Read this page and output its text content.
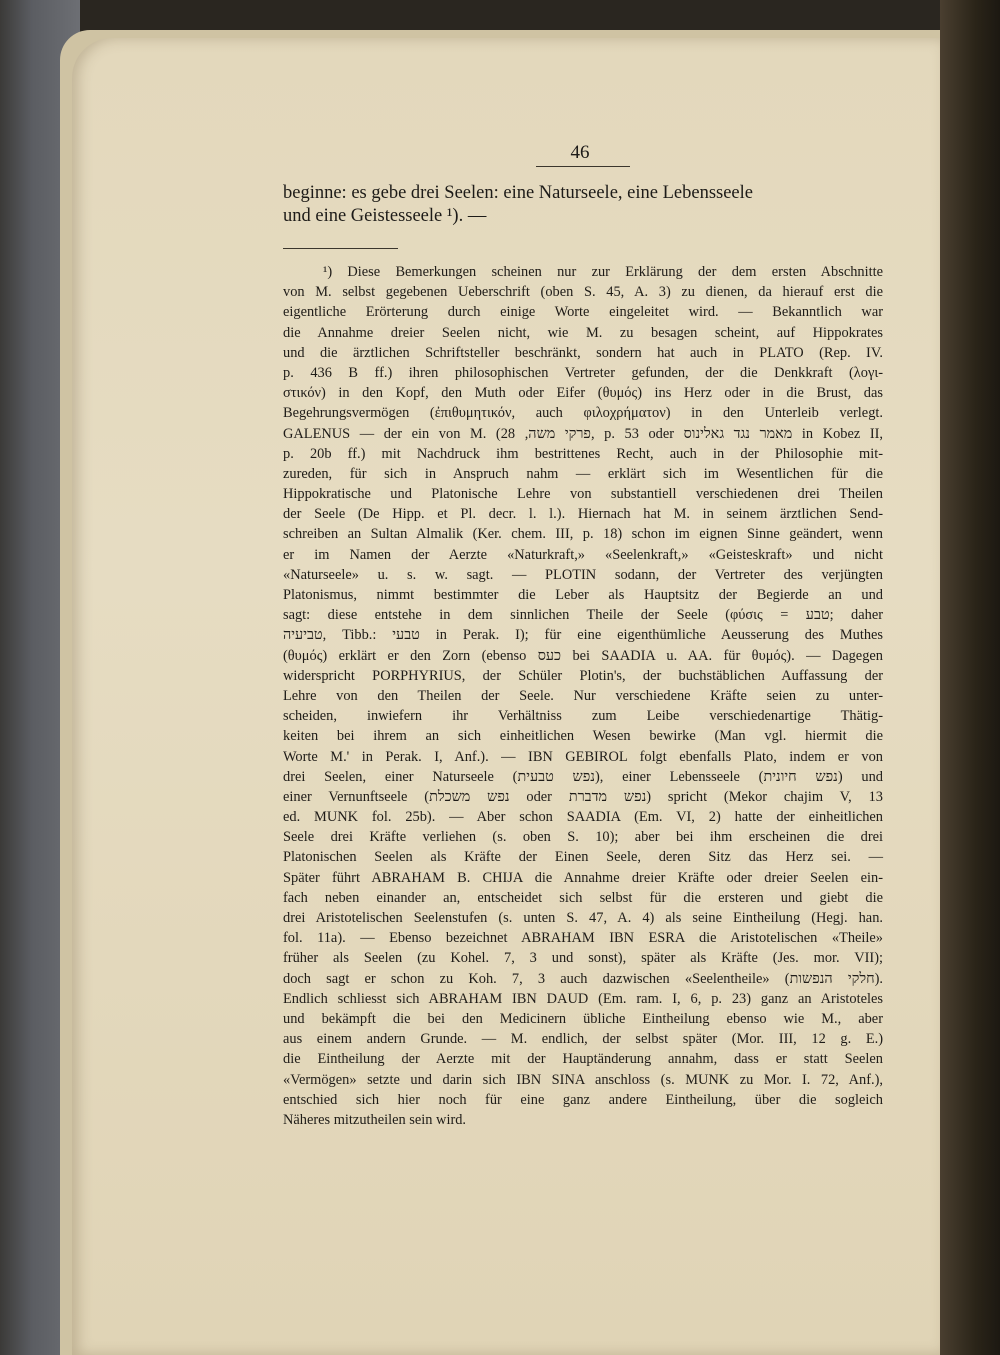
46
beginne: es gebe drei Seelen: eine Naturseele, eine Lebensseele
und eine Geistesseele ¹). —
¹) Diese Bemerkungen scheinen nur zur Erklärung der dem ersten Abschnitte
von M. selbst gegebenen Ueberschrift (oben S. 45, A. 3) zu dienen, da hierauf erst die
eigentliche Erörterung durch einige Worte eingeleitet wird. — Bekanntlich war
die Annahme dreier Seelen nicht, wie M. zu besagen scheint, auf Hippokrates
und die ärztlichen Schriftsteller beschränkt, sondern hat auch in PLATO (Rep. IV.
p. 436 B ff.) ihren philosophischen Vertreter gefunden, der die Denkkraft (λογι-
στικόν) in den Kopf, den Muth oder Eifer (θυμός) ins Herz oder in die Brust, das
Begehrungsvermögen (ἐπιθυμητικόν, auch φιλοχρήματον) in den Unterleib verlegt.
GALENUS — der ein von M. (פרקי משה, 28, p. 53 oder מאמר נגד גאלינוס in Kobez II,
p. 20b ff.) mit Nachdruck ihm bestrittenes Recht, auch in der Philosophie mit-
zureden, für sich in Anspruch nahm — erklärt sich im Wesentlichen für die
Hippokratische und Platonische Lehre von substantiell verschiedenen drei Theilen
der Seele (De Hipp. et Pl. decr. l. l.). Hiernach hat M. in seinem ärztlichen Send-
schreiben an Sultan Almalik (Ker. chem. III, p. 18) schon im eignen Sinne geändert, wenn
er im Namen der Aerzte «Naturkraft,» «Seelenkraft,» «Geisteskraft» und nicht
«Naturseele» u. s. w. sagt. — PLOTIN sodann, der Vertreter des verjüngten
Platonismus, nimmt bestimmter die Leber als Hauptsitz der Begierde an und
sagt: diese entstehe in dem sinnlichen Theile der Seele (φύσις = טבע; daher
טביעיה, Tibb.: טבעי in Perak. I); für eine eigenthümliche Aeusserung des Muthes
(θυμός) erklärt er den Zorn (ebenso כעס bei SAADIA u. AA. für θυμός). — Dagegen
widerspricht PORPHYRIUS, der Schüler Plotin's, der buchstäblichen Auffassung der
Lehre von den Theilen der Seele. Nur verschiedene Kräfte seien zu unter-
scheiden, inwiefern ihr Verhältniss zum Leibe verschiedenartige Thätig-
keiten bei ihrem an sich einheitlichen Wesen bewirke (Man vgl. hiermit die
Worte M.' in Perak. I, Anf.). — IBN GEBIROL folgt ebenfalls Plato, indem er von
drei Seelen, einer Naturseele (נפש טבעית), einer Lebensseele (נפש חיונית) und
einer Vernunftseele (נפש משכלת oder נפש מדברת) spricht (Mekor chajim V, 13
ed. MUNK fol. 25b). — Aber schon SAADIA (Em. VI, 2) hatte der einheitlichen
Seele drei Kräfte verliehen (s. oben S. 10); aber bei ihm erscheinen die drei
Platonischen Seelen als Kräfte der Einen Seele, deren Sitz das Herz sei. —
Später führt ABRAHAM B. CHIJA die Annahme dreier Kräfte oder dreier Seelen ein-
fach neben einander an, entscheidet sich selbst für die ersteren und giebt die
drei Aristotelischen Seelenstufen (s. unten S. 47, A. 4) als seine Eintheilung (Hegj. han.
fol. 11a). — Ebenso bezeichnet ABRAHAM IBN ESRA die Aristotelischen «Theile»
früher als Seelen (zu Kohel. 7, 3 und sonst), später als Kräfte (Jes. mor. VII);
doch sagt er schon zu Koh. 7, 3 auch dazwischen «Seelentheile» (חלקי הנפשות).
Endlich schliesst sich ABRAHAM IBN DAUD (Em. ram. I, 6, p. 23) ganz an Aristoteles
und bekämpft die bei den Medicinern übliche Eintheilung ebenso wie M., aber
aus einem andern Grunde. — M. endlich, der selbst später (Mor. III, 12 g. E.)
die Eintheilung der Aerzte mit der Hauptänderung annahm, dass er statt Seelen
«Vermögen» setzte und darin sich IBN SINA anschloss (s. MUNK zu Mor. I. 72, Anf.),
entschied sich hier noch für eine ganz andere Eintheilung, über die sogleich
Näheres mitzutheilen sein wird.
